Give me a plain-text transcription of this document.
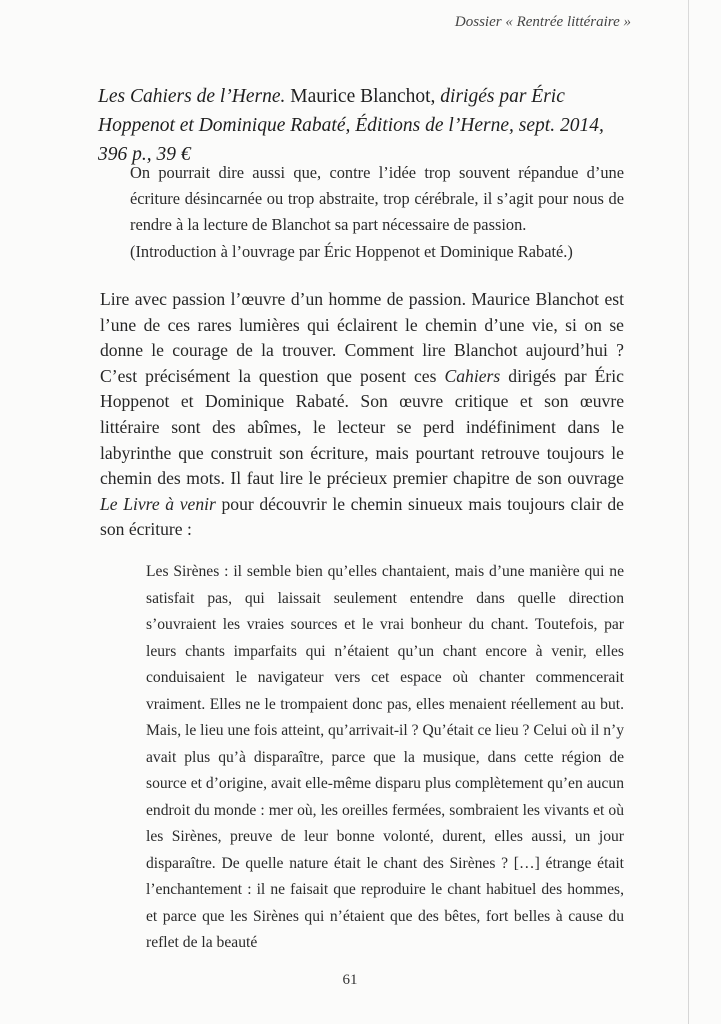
Dossier « Rentrée littéraire »
Les Cahiers de l’Herne. Maurice Blanchot, dirigés par Éric Hoppenot et Dominique Rabaté, Éditions de l’Herne, sept. 2014, 396 p., 39 €

On pourrait dire aussi que, contre l’idée trop souvent répandue d’une écriture désincarnée ou trop abstraite, trop cérébrale, il s’agit pour nous de rendre à la lecture de Blanchot sa part nécessaire de passion.

(Introduction à l’ouvrage par Éric Hoppenot et Dominique Rabaté.)

Lire avec passion l’œuvre d’un homme de passion. Maurice Blanchot est l’une de ces rares lumières qui éclairent le chemin d’une vie, si on se donne le courage de la trouver. Comment lire Blanchot aujourd’hui ? C’est précisément la question que posent ces Cahiers dirigés par Éric Hoppenot et Dominique Rabaté. Son œuvre critique et son œuvre littéraire sont des abîmes, le lecteur se perd indéfiniment dans le labyrinthe que construit son écriture, mais pourtant retrouve toujours le chemin des mots. Il faut lire le précieux premier chapitre de son ouvrage Le Livre à venir pour découvrir le chemin sinueux mais toujours clair de son écriture :

Les Sirènes : il semble bien qu’elles chantaient, mais d’une manière qui ne satisfait pas, qui laissait seulement entendre dans quelle direction s’ouvraient les vraies sources et le vrai bonheur du chant. Toutefois, par leurs chants imparfaits qui n’étaient qu’un chant encore à venir, elles conduisaient le navigateur vers cet espace où chanter commencerait vraiment. Elles ne le trompaient donc pas, elles menaient réellement au but. Mais, le lieu une fois atteint, qu’arrivait-il ? Qu’était ce lieu ? Celui où il n’y avait plus qu’à disparaître, parce que la musique, dans cette région de source et d’origine, avait elle-même disparu plus complètement qu’en aucun endroit du monde : mer où, les oreilles fermées, sombraient les vivants et où les Sirènes, preuve de leur bonne volonté, durent, elles aussi, un jour disparaître. De quelle nature était le chant des Sirènes ? […] étrange était l’enchantement : il ne faisait que reproduire le chant habituel des hommes, et parce que les Sirènes qui n’étaient que des bêtes, fort belles à cause du reflet de la beauté

61
